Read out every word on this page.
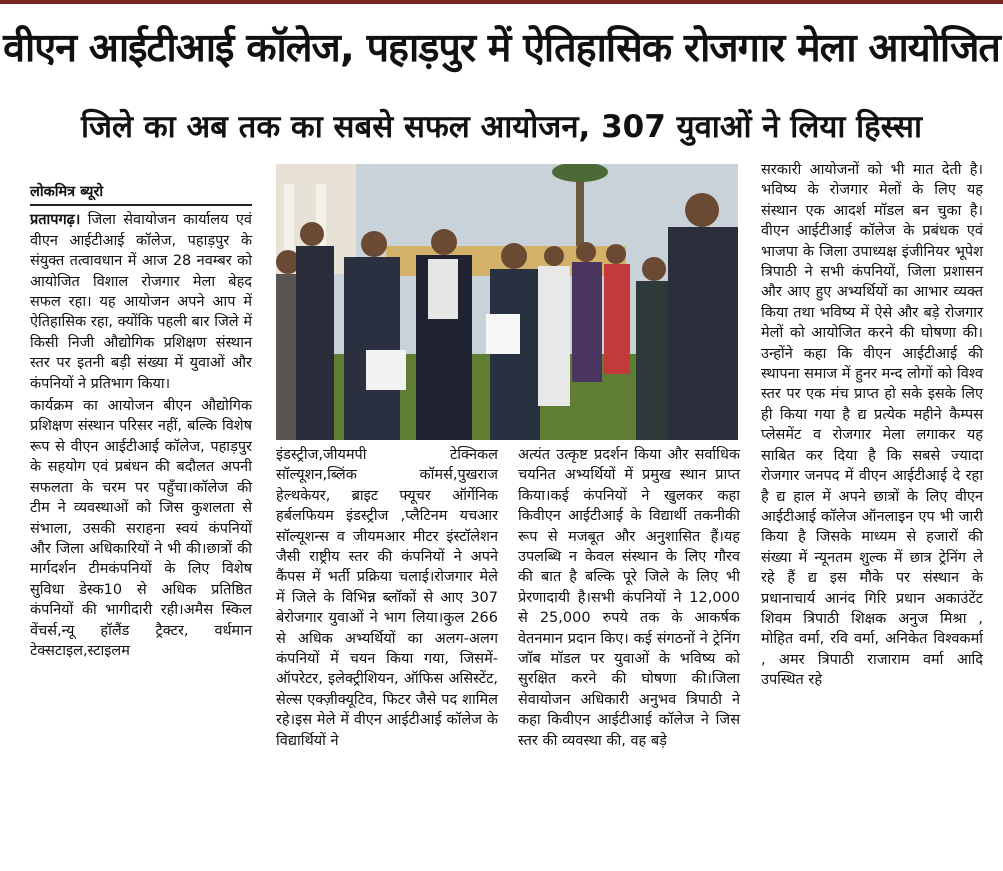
वीएन आईटीआई कॉलेज, पहाड़पुर में ऐतिहासिक रोजगार मेला आयोजित
जिले का अब तक का सबसे सफल आयोजन, 307 युवाओं ने लिया हिस्सा
लोकमित्र ब्यूरो

प्रतापगढ़। जिला सेवायोजन कार्यालय एवं वीएन आईटीआई कॉलेज, पहाड़पुर के संयुक्त तत्वावधान में आज 28 नवम्बर को आयोजित विशाल रोजगार मेला बेहद सफल रहा। यह आयोजन अपने आप में ऐतिहासिक रहा, क्योंकि पहली बार जिले में किसी निजी औद्योगिक प्रशिक्षण संस्थान स्तर पर इतनी बड़ी संख्या में युवाओं और कंपनियों ने प्रतिभाग किया।

कार्यक्रम का आयोजन बीएन औद्योगिक प्रशिक्षण संस्थान परिसर नहीं, बल्कि विशेष रूप से वीएन आईटीआई कॉलेज, पहाड़पुर के सहयोग एवं प्रबंधन की बदौलत अपनी सफलता के चरम पर पहुँचा।कॉलेज की टीम ने व्यवस्थाओं को जिस कुशलता से संभाला, उसकी सराहना स्वयं कंपनियों और जिला अधिकारियों ने भी की।छात्रों की मार्गदर्शन टीमकंपनियों के लिए विशेष सुविधा डेस्क10 से अधिक प्रतिष्ठित कंपनियों की भागीदारी रही।अमैस स्किल वेंचर्स,न्यू हॉलैंड ट्रैक्टर, वर्धमान टेक्सटाइल,स्टाइलम

इंडस्ट्रीज,जीयमपी टेक्निकल सॉल्यूशन,ब्लिंक कॉमर्स,पुखराज हेल्थकेयर, ब्राइट फ्यूचर ऑर्गेनिक हर्बलफियम इंडस्ट्रीज ,प्लैटिनम यचआर सॉल्यूशन्स व जीयमआर मीटर इंस्टॉलेशन जैसी राष्ट्रीय स्तर की कंपनियों ने अपने कैंपस में भर्ती प्रक्रिया चलाई।रोजगार मेले में जिले के विभिन्न ब्लॉकों से आए 307 बेरोजगार युवाओं ने भाग लिया।कुल 266 से अधिक अभ्यर्थियों का अलग-अलग कंपनियों में चयन किया गया, जिसमें-ऑपरेटर, इलेक्ट्रीशियन, ऑफिस असिस्टेंट, सेल्स एक्ज़ीक्यूटिव, फिटर जैसे पद शामिल रहे।इस मेले में वीएन आईटीआई कॉलेज के विद्यार्थियों ने

अत्यंत उत्कृष्ट प्रदर्शन किया और सर्वाधिक चयनित अभ्यर्थियों में प्रमुख स्थान प्राप्त किया।कई कंपनियों ने खुलकर कहा किवीएन आईटीआई के विद्यार्थी तकनीकी रूप से मजबूत और अनुशासित हैं।यह उपलब्धि न केवल संस्थान के लिए गौरव की बात है बल्कि पूरे जिले के लिए भी प्रेरणादायी है।सभी कंपनियों ने 12,000 से 25,000 रुपये तक के आकर्षक वेतनमान प्रदान किए। कई संगठनों ने ट्रेनिंग जॉब मॉडल पर युवाओं के भविष्य को सुरक्षित करने की घोषणा की।जिला सेवायोजन अधिकारी अनुभव त्रिपाठी ने कहा किवीएन आईटीआई कॉलेज ने जिस स्तर की व्यवस्था की, वह बड़े

सरकारी आयोजनों को भी मात देती है। भविष्य के रोजगार मेलों के लिए यह संस्थान एक आदर्श मॉडल बन चुका है।वीएन आईटीआई कॉलेज के प्रबंधक एवं भाजपा के जिला उपाध्यक्ष इंजीनियर भूपेश त्रिपाठी ने सभी कंपनियों, जिला प्रशासन और आए हुए अभ्यर्थियों का आभार व्यक्त किया तथा भविष्य में ऐसे और बड़े रोजगार मेलों को आयोजित करने की घोषणा की। उन्होंने कहा कि वीएन आईटीआई की स्थापना समाज में हुनर मन्द लोगों को विश्व स्तर पर एक मंच प्राप्त हो सके इसके लिए ही किया गया है द्य प्रत्येक महीने कैम्पस प्लेसमेंट व रोजगार मेला लगाकर यह साबित कर दिया है कि सबसे ज्यादा रोजगार जनपद में वीएन आईटीआई दे रहा है द्य हाल में अपने छात्रों के लिए वीएन आईटीआई कॉलेज ऑनलाइन एप भी जारी किया है जिसके माध्यम से हजारों की संख्या में न्यूनतम शुल्क में छात्र ट्रेनिंग ले रहे हैं द्य इस मौके पर संस्थान के प्रधानाचार्य आनंद गिरि प्रधान अकाउंटेंट शिवम त्रिपाठी शिक्षक अनुज मिश्रा , मोहित वर्मा, रवि वर्मा, अनिकेत विश्वकर्मा , अमर त्रिपाठी राजाराम वर्मा आदि उपस्थित रहे
